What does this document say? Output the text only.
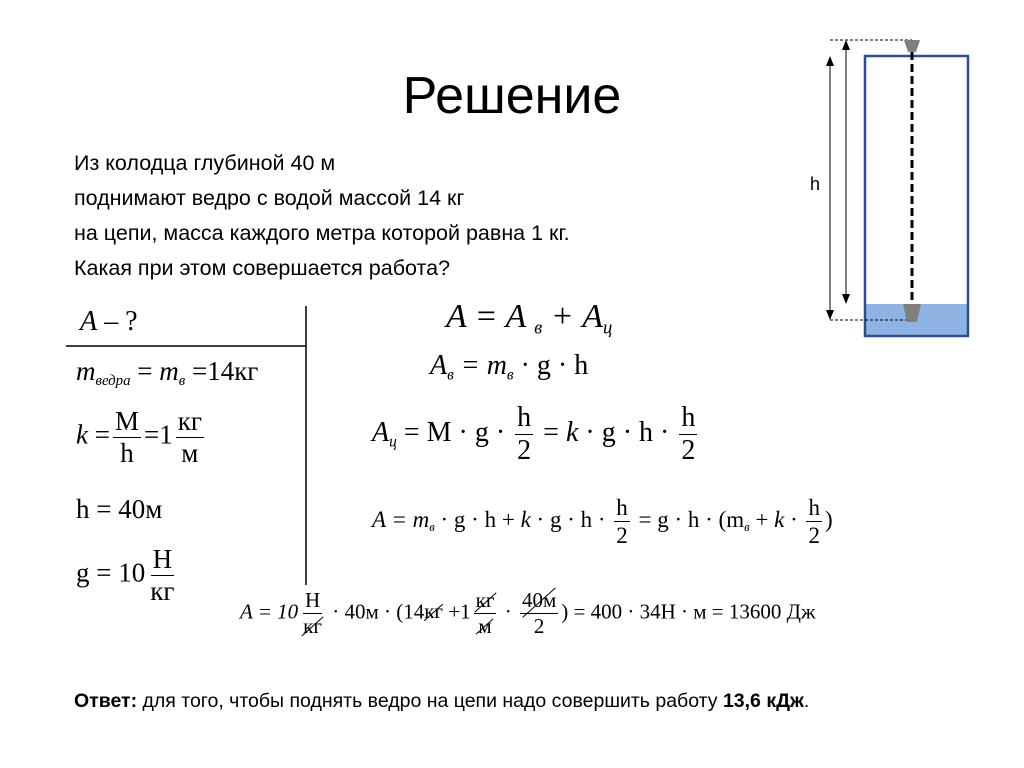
Решение
Из колодца глубиной 40 м
поднимают ведро с водой массой 14 кг
на цепи, масса каждого метра которой равна 1 кг.
Какая при этом совершается работа?
A – ?
$m_{ведра} = m_в =14кг$
$k = \frac{M}{h} =1 \frac{кг}{м}$
h = 40м
$g = 10 \frac{Н}{кг}$
A = A $_в + A_ц$
$A_в = m_в \cdot g \cdot h$
$A_ц = M \cdot g \cdot \frac{h}{2} = k \cdot g \cdot h \cdot \frac{h}{2}$
$A = m_в \cdot g \cdot h + k \cdot g \cdot h \cdot \frac{h}{2} = g \cdot h \cdot (m_в + k \cdot \frac{h}{2}$ )
$A = 10 \frac{Н}{кг} \cdot 40м \cdot (14кг +1 \frac{кг}{м} \cdot \frac{40м}{2}$ ) = 400 · 34Н · м = 13600 Дж
Ответ: для того, чтобы поднять ведро на цепи надо совершить работу 13,6 кДж.
h
